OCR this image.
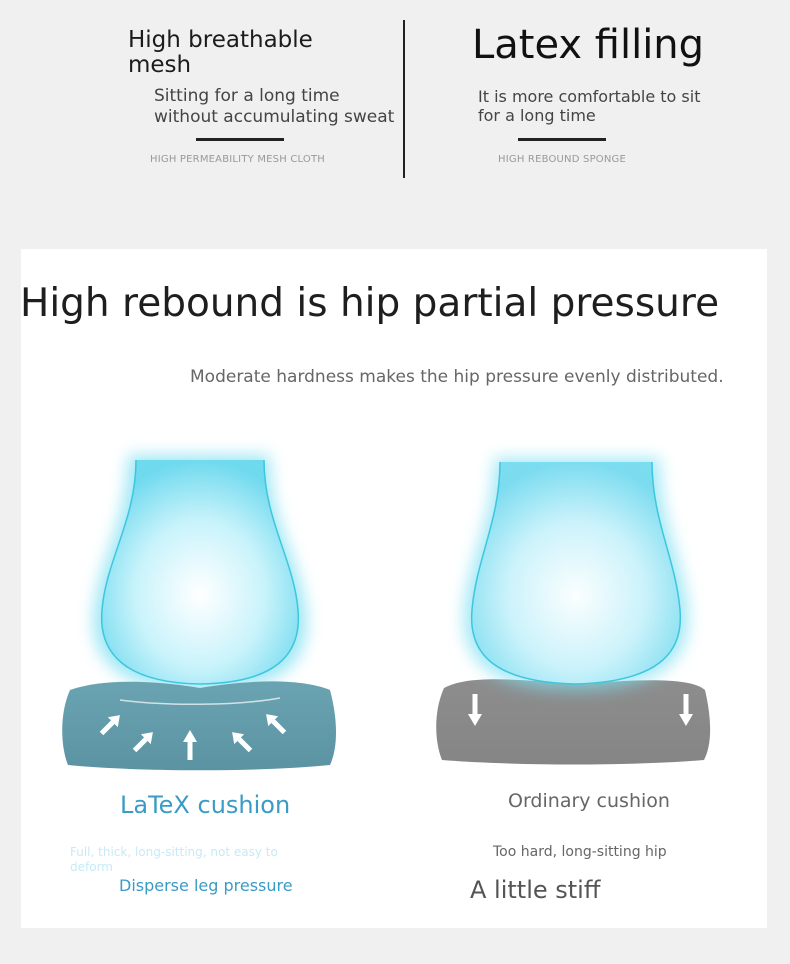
High breathable mesh
Sitting for a long time without accumulating sweat
HIGH PERMEABILITY MESH CLOTH
Latex filling
It is more comfortable to sit for a long time
HIGH REBOUND SPONGE
High rebound is hip partial pressure
Moderate hardness makes the hip pressure evenly distributed.
LaTeX cushion	Ordinary cushion
Full, thick, long-sitting, not easy to deform
Too hard, long-sitting hip
Disperse leg pressure	A little stiff
